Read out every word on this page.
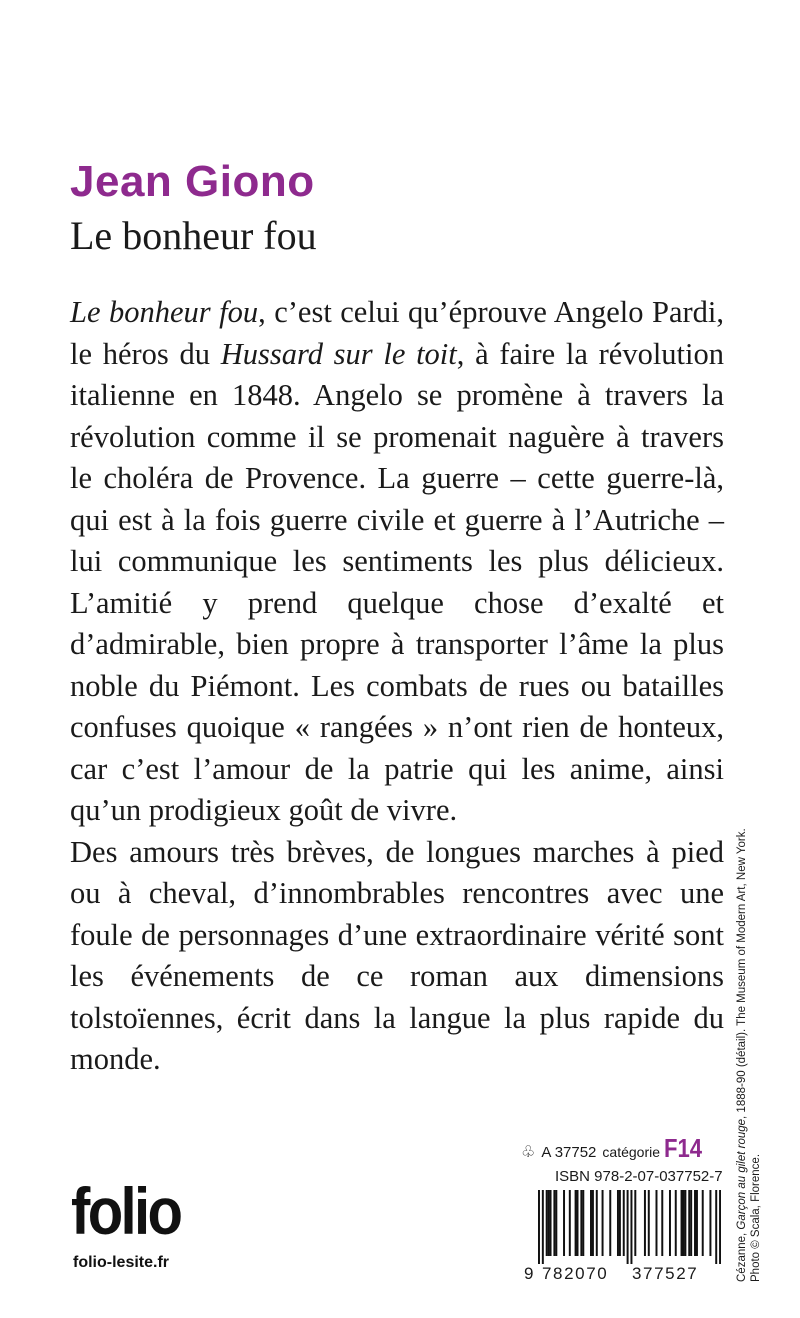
Jean Giono
Le bonheur fou

Le bonheur fou, c’est celui qu’éprouve Angelo Pardi, le héros du Hussard sur le toit, à faire la révolution italienne en 1848. Angelo se promène à travers la révolution comme il se promenait naguère à travers le choléra de Provence. La guerre – cette guerre-là, qui est à la fois guerre civile et guerre à l’Autriche – lui communique les sentiments les plus délicieux. L’amitié y prend quelque chose d’exalté et d’admirable, bien propre à transporter l’âme la plus noble du Piémont. Les combats de rues ou batailles confuses quoique « rangées » n’ont rien de honteux, car c’est l’amour de la patrie qui les anime, ainsi qu’un prodigieux goût de vivre.

Des amours très brèves, de longues marches à pied ou à cheval, d’innombrables rencontres avec une foule de personnages d’une extraordinaire vérité sont les événements de ce roman aux dimensions tolstoïennes, écrit dans la langue la plus rapide du monde.

♧ A 37752 catégorie F14
ISBN 978-2-07-037752-7
9 782070	377527
folio
folio-lesite.fr	Cézanne, Garçon au gilet rouge, 1888-90 (détail). The Museum of Modern Art, New York.
Photo © Scala, Florence.
